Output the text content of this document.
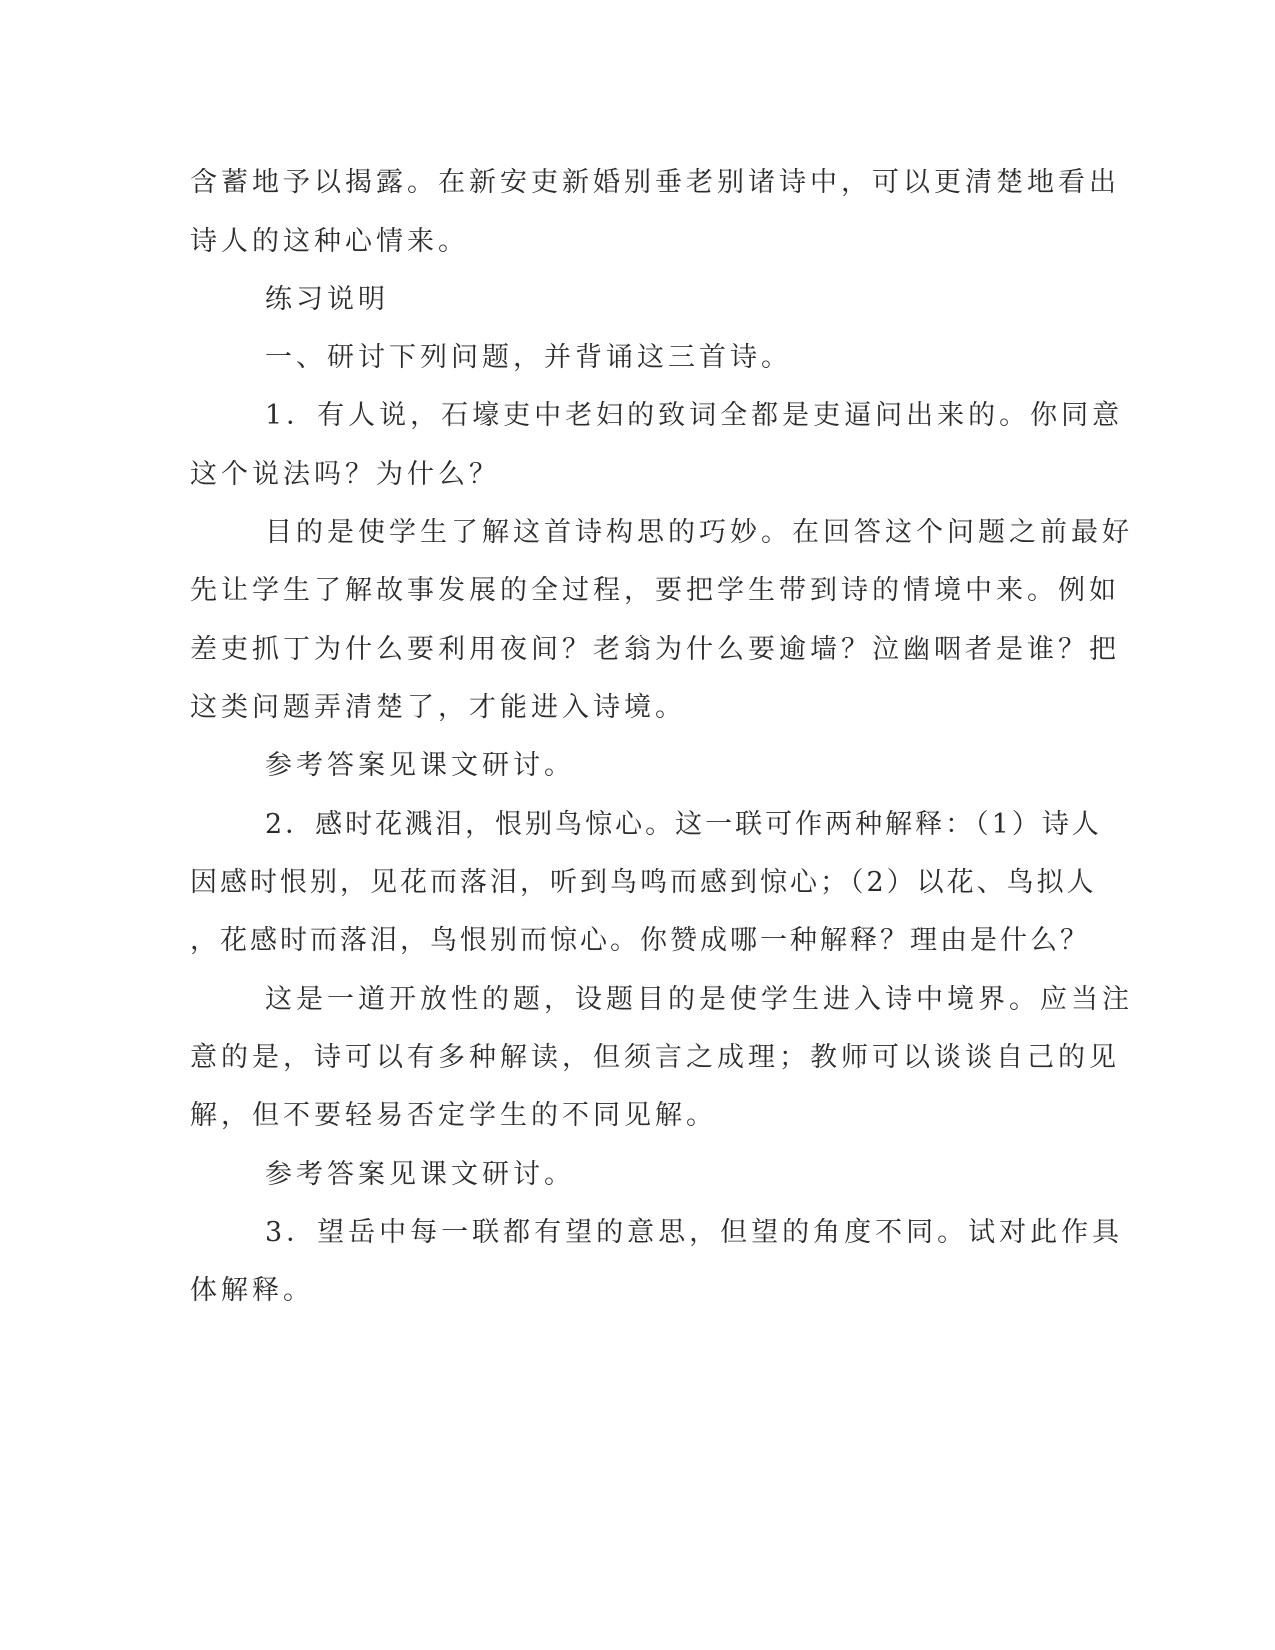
含蓄地予以揭露。在新安吏新婚别垂老别诸诗中，可以更清楚地看出
诗人的这种心情来。
练习说明
一、研讨下列问题，并背诵这三首诗。
1．有人说，石壕吏中老妇的致词全都是吏逼问出来的。你同意
这个说法吗？为什么？
目的是使学生了解这首诗构思的巧妙。在回答这个问题之前最好
先让学生了解故事发展的全过程，要把学生带到诗的情境中来。例如
差吏抓丁为什么要利用夜间？老翁为什么要逾墙？泣幽咽者是谁？把
这类问题弄清楚了，才能进入诗境。
参考答案见课文研讨。
2．感时花溅泪，恨别鸟惊心。这一联可作两种解释：（1）诗人
因感时恨别，见花而落泪，听到鸟鸣而感到惊心；（2）以花、鸟拟人
，花感时而落泪，鸟恨别而惊心。你赞成哪一种解释？理由是什么？
这是一道开放性的题，设题目的是使学生进入诗中境界。应当注
意的是，诗可以有多种解读，但须言之成理；教师可以谈谈自己的见
解，但不要轻易否定学生的不同见解。
参考答案见课文研讨。
3．望岳中每一联都有望的意思，但望的角度不同。试对此作具
体解释。
